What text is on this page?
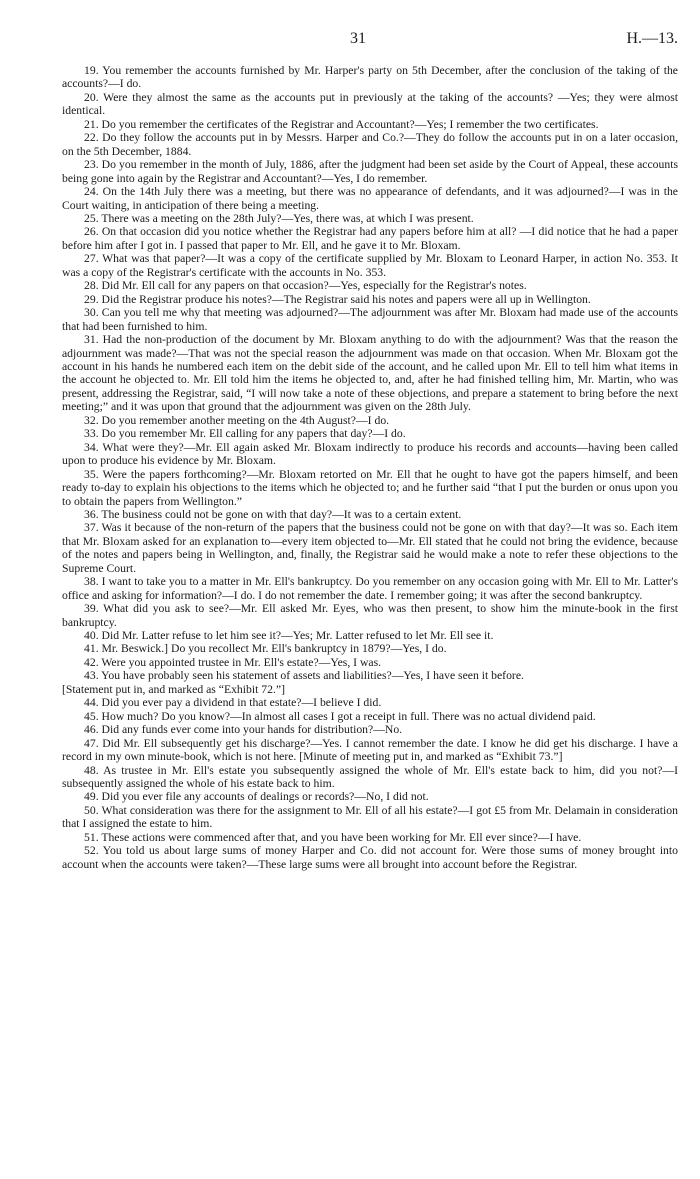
31	H.—13.

19. You remember the accounts furnished by Mr. Harper's party on 5th December, after the conclusion of the taking of the accounts?—I do.

20. Were they almost the same as the accounts put in previously at the taking of the accounts? —Yes; they were almost identical.

21. Do you remember the certificates of the Registrar and Accountant?—Yes; I remember the two certificates.

22. Do they follow the accounts put in by Messrs. Harper and Co.?—They do follow the accounts put in on a later occasion, on the 5th December, 1884.

23. Do you remember in the month of July, 1886, after the judgment had been set aside by the Court of Appeal, these accounts being gone into again by the Registrar and Accountant?—Yes, I do remember.

24. On the 14th July there was a meeting, but there was no appearance of defendants, and it was adjourned?—I was in the Court waiting, in anticipation of there being a meeting.

25. There was a meeting on the 28th July?—Yes, there was, at which I was present.

26. On that occasion did you notice whether the Registrar had any papers before him at all? —I did notice that he had a paper before him after I got in. I passed that paper to Mr. Ell, and he gave it to Mr. Bloxam.

27. What was that paper?—It was a copy of the certificate supplied by Mr. Bloxam to Leonard Harper, in action No. 353. It was a copy of the Registrar's certificate with the accounts in No. 353.

28. Did Mr. Ell call for any papers on that occasion?—Yes, especially for the Registrar's notes.

29. Did the Registrar produce his notes?—The Registrar said his notes and papers were all up in Wellington.

30. Can you tell me why that meeting was adjourned?—The adjournment was after Mr. Bloxam had made use of the accounts that had been furnished to him.

31. Had the non-production of the document by Mr. Bloxam anything to do with the adjournment? Was that the reason the adjournment was made?—That was not the special reason the adjournment was made on that occasion. When Mr. Bloxam got the account in his hands he numbered each item on the debit side of the account, and he called upon Mr. Ell to tell him what items in the account he objected to. Mr. Ell told him the items he objected to, and, after he had finished telling him, Mr. Martin, who was present, addressing the Registrar, said, “I will now take a note of these objections, and prepare a statement to bring before the next meeting;” and it was upon that ground that the adjournment was given on the 28th July.

32. Do you remember another meeting on the 4th August?—I do.

33. Do you remember Mr. Ell calling for any papers that day?—I do.

34. What were they?—Mr. Ell again asked Mr. Bloxam indirectly to produce his records and accounts—having been called upon to produce his evidence by Mr. Bloxam.

35. Were the papers forthcoming?—Mr. Bloxam retorted on Mr. Ell that he ought to have got the papers himself, and been ready to-day to explain his objections to the items which he objected to; and he further said “that I put the burden or onus upon you to obtain the papers from Wellington.”

36. The business could not be gone on with that day?—It was to a certain extent.

37. Was it because of the non-return of the papers that the business could not be gone on with that day?—It was so. Each item that Mr. Bloxam asked for an explanation to—every item objected to—Mr. Ell stated that he could not bring the evidence, because of the notes and papers being in Wellington, and, finally, the Registrar said he would make a note to refer these objections to the Supreme Court.

38. I want to take you to a matter in Mr. Ell's bankruptcy. Do you remember on any occasion going with Mr. Ell to Mr. Latter's office and asking for information?—I do. I do not remember the date. I remember going; it was after the second bankruptcy.

39. What did you ask to see?—Mr. Ell asked Mr. Eyes, who was then present, to show him the minute-book in the first bankruptcy.

40. Did Mr. Latter refuse to let him see it?—Yes; Mr. Latter refused to let Mr. Ell see it.

41. Mr. Beswick.] Do you recollect Mr. Ell's bankruptcy in 1879?—Yes, I do.

42. Were you appointed trustee in Mr. Ell's estate?—Yes, I was.

43. You have probably seen his statement of assets and liabilities?—Yes, I have seen it before.

[Statement put in, and marked as “Exhibit 72.”]

44. Did you ever pay a dividend in that estate?—I believe I did.

45. How much? Do you know?—In almost all cases I got a receipt in full. There was no actual dividend paid.

46. Did any funds ever come into your hands for distribution?—No.

47. Did Mr. Ell subsequently get his discharge?—Yes. I cannot remember the date. I know he did get his discharge. I have a record in my own minute-book, which is not here. [Minute of meeting put in, and marked as “Exhibit 73.”]

48. As trustee in Mr. Ell's estate you subsequently assigned the whole of Mr. Ell's estate back to him, did you not?—I subsequently assigned the whole of his estate back to him.

49. Did you ever file any accounts of dealings or records?—No, I did not.

50. What consideration was there for the assignment to Mr. Ell of all his estate?—I got £5 from Mr. Delamain in consideration that I assigned the estate to him.

51. These actions were commenced after that, and you have been working for Mr. Ell ever since?—I have.

52. You told us about large sums of money Harper and Co. did not account for. Were those sums of money brought into account when the accounts were taken?—These large sums were all brought into account before the Registrar.
